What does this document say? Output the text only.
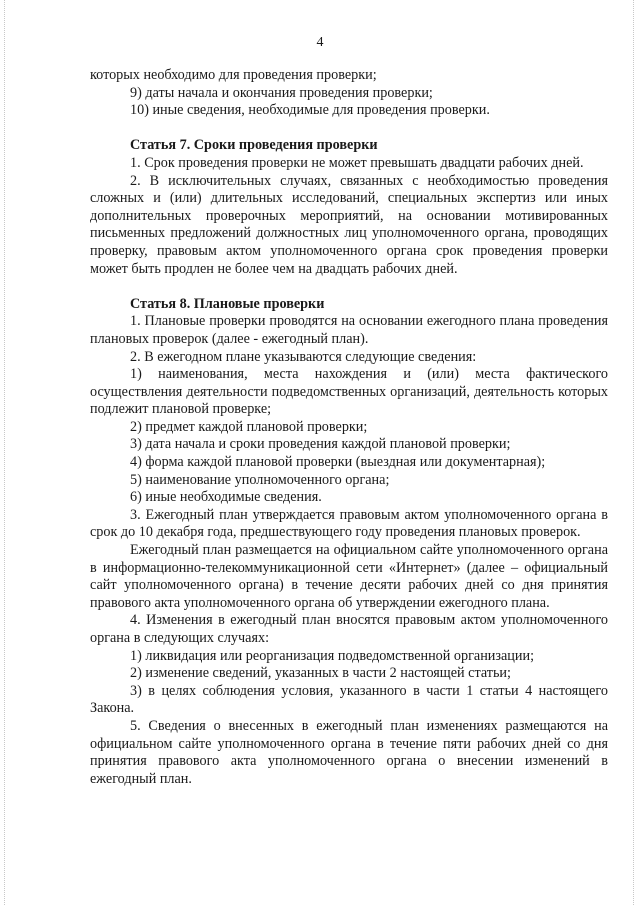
4

которых необходимо для проведения проверки;

9) даты начала и окончания проведения проверки;

10) иные сведения, необходимые для проведения проверки.

Статья 7. Сроки проведения проверки

1. Срок проведения проверки не может превышать двадцати рабочих дней.

2. В исключительных случаях, связанных с необходимостью проведения сложных и (или) длительных исследований, специальных экспертиз или иных дополнительных проверочных мероприятий, на основании мотивированных письменных предложений должностных лиц уполномоченного органа, проводящих проверку, правовым актом уполномоченного органа срок проведения проверки может быть продлен не более чем на двадцать рабочих дней.

Статья 8. Плановые проверки

1. Плановые проверки проводятся на основании ежегодного плана проведения плановых проверок (далее - ежегодный план).

2. В ежегодном плане указываются следующие сведения:

1) наименования, места нахождения и (или) места фактического осуществления деятельности подведомственных организаций, деятельность которых подлежит плановой проверке;

2) предмет каждой плановой проверки;

3) дата начала и сроки проведения каждой плановой проверки;

4) форма каждой плановой проверки (выездная или документарная);

5) наименование уполномоченного органа;

6) иные необходимые сведения.

3. Ежегодный план утверждается правовым актом уполномоченного органа в срок до 10 декабря года, предшествующего году проведения плановых проверок.

Ежегодный план размещается на официальном сайте уполномоченного органа в информационно-телекоммуникационной сети «Интернет» (далее – официальный сайт уполномоченного органа) в течение десяти рабочих дней со дня принятия правового акта уполномоченного органа об утверждении ежегодного плана.

4. Изменения в ежегодный план вносятся правовым актом уполномоченного органа в следующих случаях:

1) ликвидация или реорганизация подведомственной организации;

2) изменение сведений, указанных в части 2 настоящей статьи;

3) в целях соблюдения условия, указанного в части 1 статьи 4 настоящего Закона.

5. Сведения о внесенных в ежегодный план изменениях размещаются на официальном сайте уполномоченного органа в течение пяти рабочих дней со дня принятия правового акта уполномоченного органа о внесении изменений в ежегодный план.
